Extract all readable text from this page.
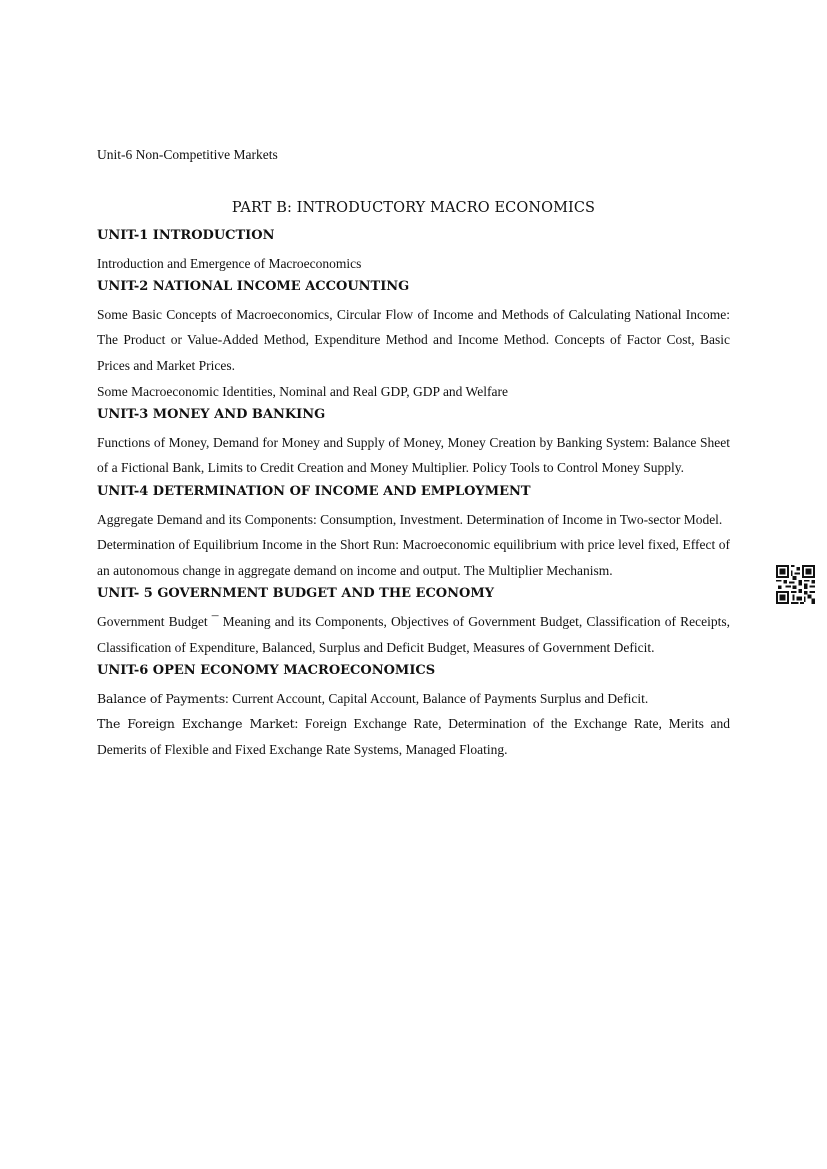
Unit-6 Non-Competitive Markets
PART B: INTRODUCTORY MACRO ECONOMICS
UNIT-1 INTRODUCTION

Introduction and Emergence of Macroeconomics

UNIT-2 NATIONAL INCOME ACCOUNTING

Some Basic Concepts of Macroeconomics, Circular Flow of Income and Methods of Calculating National Income: The Product or Value-Added Method, Expenditure Method and Income Method. Concepts of Factor Cost, Basic Prices and Market Prices.

Some Macroeconomic Identities, Nominal and Real GDP, GDP and Welfare

UNIT-3 MONEY AND BANKING

Functions of Money, Demand for Money and Supply of Money, Money Creation by Banking System: Balance Sheet of a Fictional Bank, Limits to Credit Creation and Money Multiplier. Policy Tools to Control Money Supply.

UNIT-4 DETERMINATION OF INCOME AND EMPLOYMENT

Aggregate Demand and its Components: Consumption, Investment. Determination of Income in Two-sector Model.

Determination of Equilibrium Income in the Short Run: Macroeconomic equilibrium with price level fixed, Effect of an autonomous change in aggregate demand on income and output. The Multiplier Mechanism.

UNIT- 5 GOVERNMENT BUDGET AND THE ECONOMY

Government Budget ¯ Meaning and its Components, Objectives of Government Budget, Classification of Receipts, Classification of Expenditure, Balanced, Surplus and Deficit Budget, Measures of Government Deficit.

UNIT-6 OPEN ECONOMY MACROECONOMICS

Balance of Payments: Current Account, Capital Account, Balance of Payments Surplus and Deficit.

The Foreign Exchange Market: Foreign Exchange Rate, Determination of the Exchange Rate, Merits and Demerits of Flexible and Fixed Exchange Rate Systems, Managed Floating.
